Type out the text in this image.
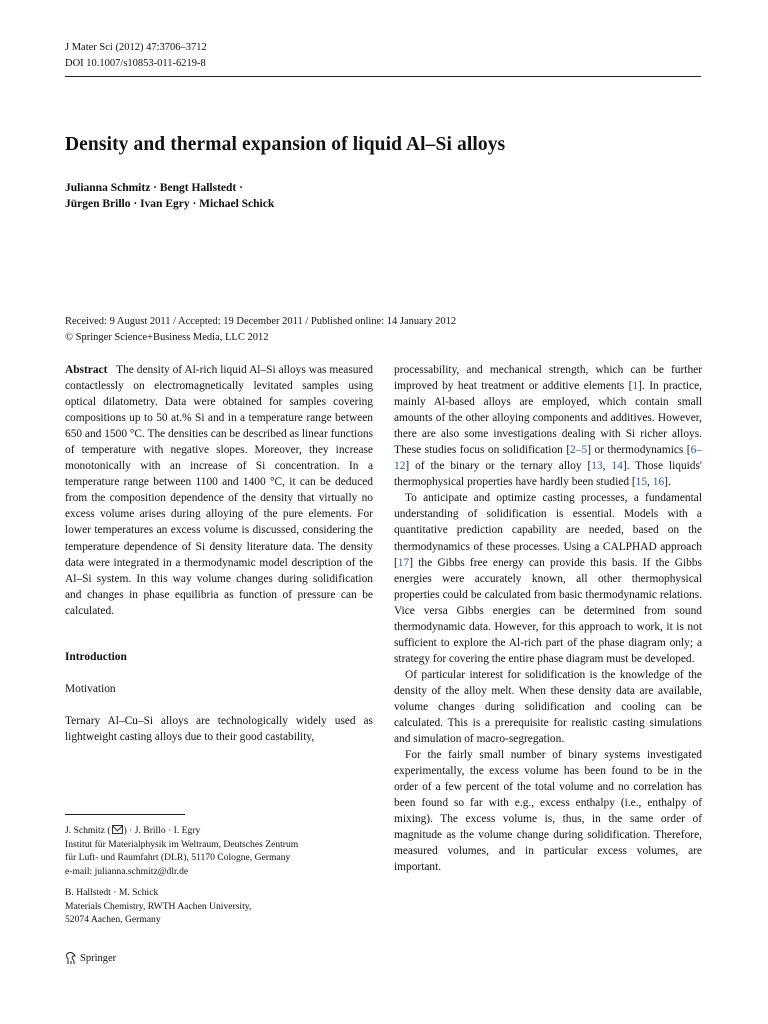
J Mater Sci (2012) 47:3706–3712
DOI 10.1007/s10853-011-6219-8
Density and thermal expansion of liquid Al–Si alloys
Julianna Schmitz · Bengt Hallstedt ·
Jürgen Brillo · Ivan Egry · Michael Schick
Received: 9 August 2011 / Accepted: 19 December 2011 / Published online: 14 January 2012
© Springer Science+Business Media, LLC 2012

Abstract The density of Al-rich liquid Al–Si alloys was measured contactlessly on electromagnetically levitated samples using optical dilatometry. Data were obtained for samples covering compositions up to 50 at.% Si and in a temperature range between 650 and 1500 °C. The densities can be described as linear functions of temperature with negative slopes. Moreover, they increase monotonically with an increase of Si concentration. In a temperature range between 1100 and 1400 °C, it can be deduced from the composition dependence of the density that virtually no excess volume arises during alloying of the pure elements. For lower temperatures an excess volume is discussed, considering the temperature dependence of Si density literature data. The density data were integrated in a thermodynamic model description of the Al–Si system. In this way volume changes during solidification and changes in phase equilibria as function of pressure can be calculated.

Introduction

Motivation

Ternary Al–Cu–Si alloys are technologically widely used as lightweight casting alloys due to their good castability,

processability, and mechanical strength, which can be further improved by heat treatment or additive elements [1]. In practice, mainly Al-based alloys are employed, which contain small amounts of the other alloying components and additives. However, there are also some investigations dealing with Si richer alloys. These studies focus on solidification [2–5] or thermodynamics [6–12] of the binary or the ternary alloy [13, 14]. Those liquids' thermophysical properties have hardly been studied [15, 16].

To anticipate and optimize casting processes, a fundamental understanding of solidification is essential. Models with a quantitative prediction capability are needed, based on the thermodynamics of these processes. Using a CALPHAD approach [17] the Gibbs free energy can provide this basis. If the Gibbs energies were accurately known, all other thermophysical properties could be calculated from basic thermodynamic relations. Vice versa Gibbs energies can be determined from sound thermodynamic data. However, for this approach to work, it is not sufficient to explore the Al-rich part of the phase diagram only; a strategy for covering the entire phase diagram must be developed.

Of particular interest for solidification is the knowledge of the density of the alloy melt. When these density data are available, volume changes during solidification and cooling can be calculated. This is a prerequisite for realistic casting simulations and simulation of macro-segregation.

For the fairly small number of binary systems investigated experimentally, the excess volume has been found to be in the order of a few percent of the total volume and no correlation has been found so far with e.g., excess enthalpy (i.e., enthalpy of mixing). The excess volume is, thus, in the same order of magnitude as the volume change during solidification. Therefore, measured volumes, and in particular excess volumes, are important.

J. Schmitz ( ) · J. Brillo · I. Egry
Institut für Materialphysik im Weltraum, Deutsches Zentrum
für Luft- und Raumfahrt (DLR), 51170 Cologne, Germany
e-mail: julianna.schmitz@dlr.de
B. Hallstedt · M. Schick
Materials Chemistry, RWTH Aachen University,
52074 Aachen, Germany
Springer
